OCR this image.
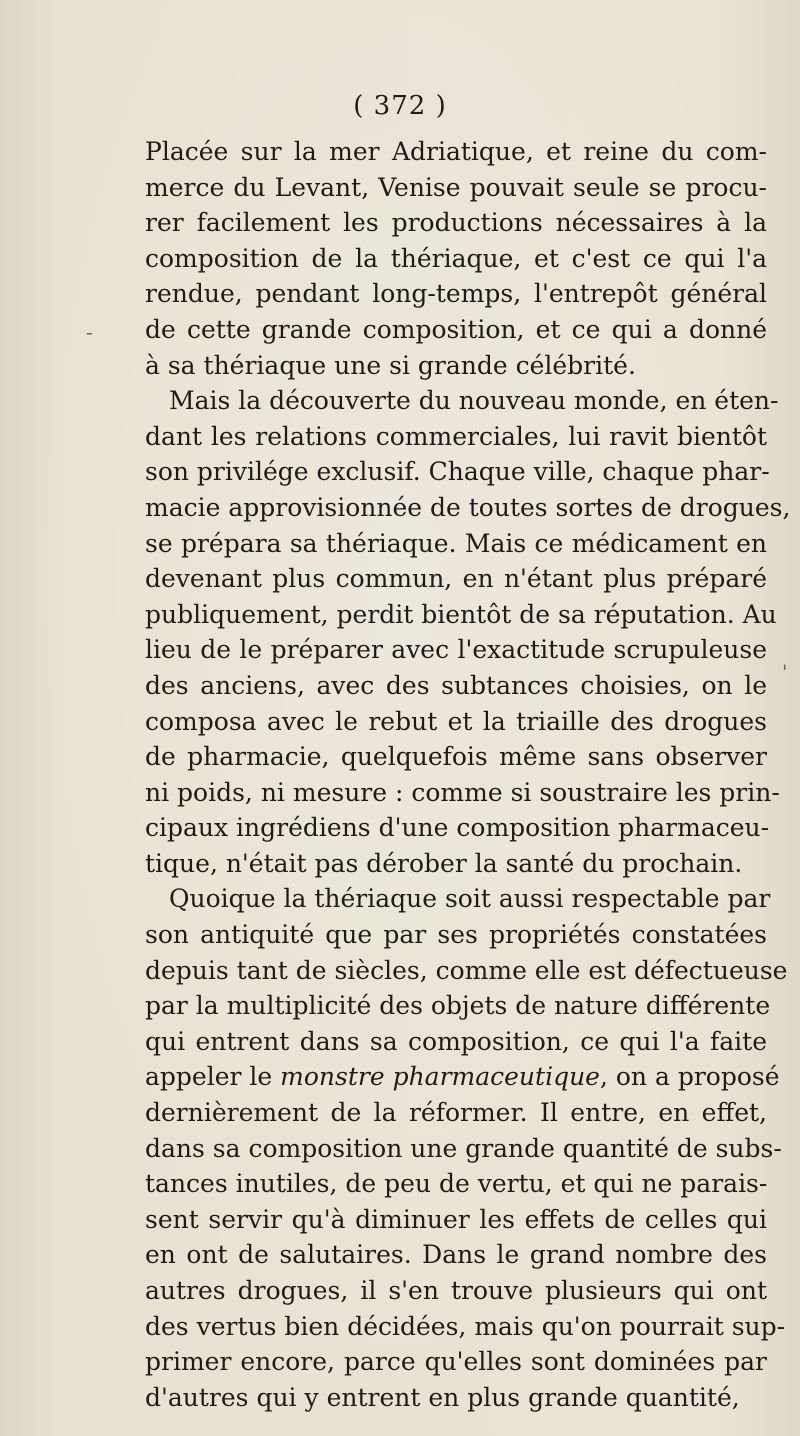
( 372 )
Placée sur la mer Adriatique, et reine du com-
merce du Levant, Venise pouvait seule se procu-
rer facilement les productions nécessaires à la
composition de la thériaque, et c'est ce qui l'a
rendue, pendant long-temps, l'entrepôt général
de cette grande composition, et ce qui a donné
à sa thériaque une si grande célébrité.
Mais la découverte du nouveau monde, en éten-
dant les relations commerciales, lui ravit bientôt
son privilége exclusif. Chaque ville, chaque phar-
macie approvisionnée de toutes sortes de drogues,
se prépara sa thériaque. Mais ce médicament en
devenant plus commun, en n'étant plus préparé
publiquement, perdit bientôt de sa réputation. Au
lieu de le préparer avec l'exactitude scrupuleuse
des anciens, avec des subtances choisies, on le
composa avec le rebut et la triaille des drogues
de pharmacie, quelquefois même sans observer
ni poids, ni mesure : comme si soustraire les prin-
cipaux ingrédiens d'une composition pharmaceu-
tique, n'était pas dérober la santé du prochain.
Quoique la thériaque soit aussi respectable par
son antiquité que par ses propriétés constatées
depuis tant de siècles, comme elle est défectueuse
par la multiplicité des objets de nature différente
qui entrent dans sa composition, ce qui l'a faite
appeler le monstre pharmaceutique, on a proposé
dernièrement de la réformer. Il entre, en effet,
dans sa composition une grande quantité de subs-
tances inutiles, de peu de vertu, et qui ne parais-
sent servir qu'à diminuer les effets de celles qui
en ont de salutaires. Dans le grand nombre des
autres drogues, il s'en trouve plusieurs qui ont
des vertus bien décidées, mais qu'on pourrait sup-
primer encore, parce qu'elles sont dominées par
d'autres qui y entrent en plus grande quantité,
-
'
